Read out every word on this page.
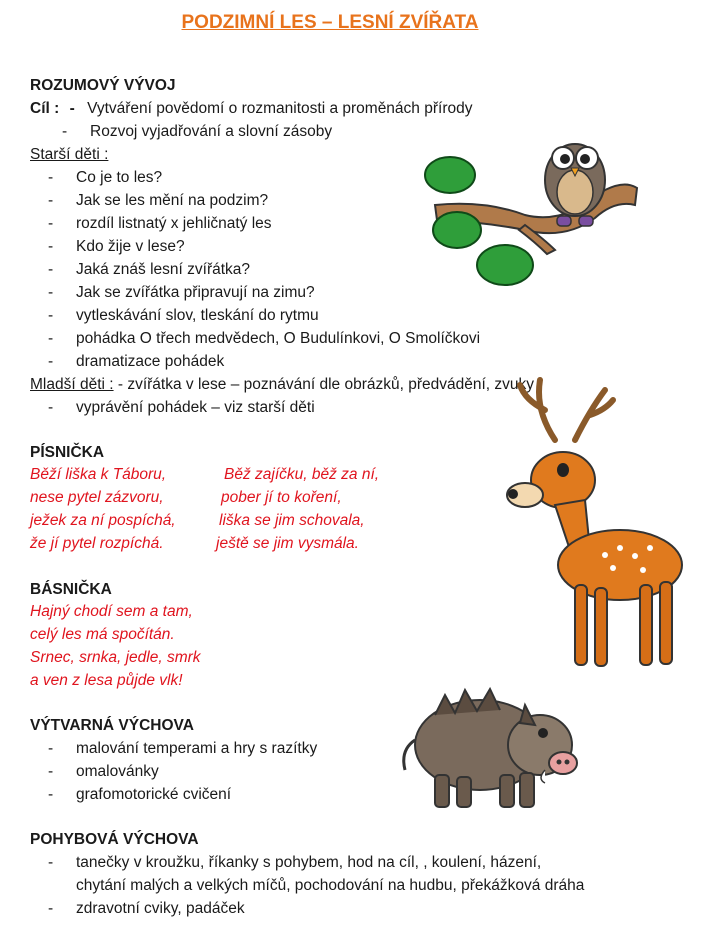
PODZIMNÍ LES – LESNÍ ZVÍŘATA
ROZUMOVÝ VÝVOJ
Cíl : - Vytváření povědomí o rozmanitosti a proměnách přírody
- Rozvoj vyjadřování a slovní zásoby
Starší děti :
- Co je to les?
- Jak se les mění na podzim?
- rozdíl listnatý x jehličnatý les
- Kdo žije v lese?
- Jaká znáš lesní zvířátka?
- Jak se zvířátka připravují na zimu?
- vytleskávání slov, tleskání do rytmu
- pohádka O třech medvědech, O Budulínkovi, O Smolíčkovi
- dramatizace pohádek
Mladší děti : - zvířátka v lese – poznávání dle obrázků, předvádění, zvuky
- vyprávění pohádek – viz starší děti
PÍSNIČKA
Běží liška k Táboru,
nese pytel zázvoru,
ježek za ní pospíchá,
že jí pytel rozpíchá.
Běž zajíčku, běž za ní,
pober jí to koření,
liška se jim schovala,
ještě se jim vysmála.
BÁSNIČKA
Hajný chodí sem a tam,
celý les má spočítán.
Srnec, srnka, jedle, smrk
a ven z lesa půjde vlk!
VÝTVARNÁ VÝCHOVA
- malování temperami a hry s razítky
- omalovánky
- grafomotorické cvičení
POHYBOVÁ VÝCHOVA
- tanečky v kroužku, říkanky s pohybem, hod na cíl, , koulení, házení,
chytání malých a velkých míčů, pochodování na hudbu, překážková dráha
- zdravotní cviky, padáček
